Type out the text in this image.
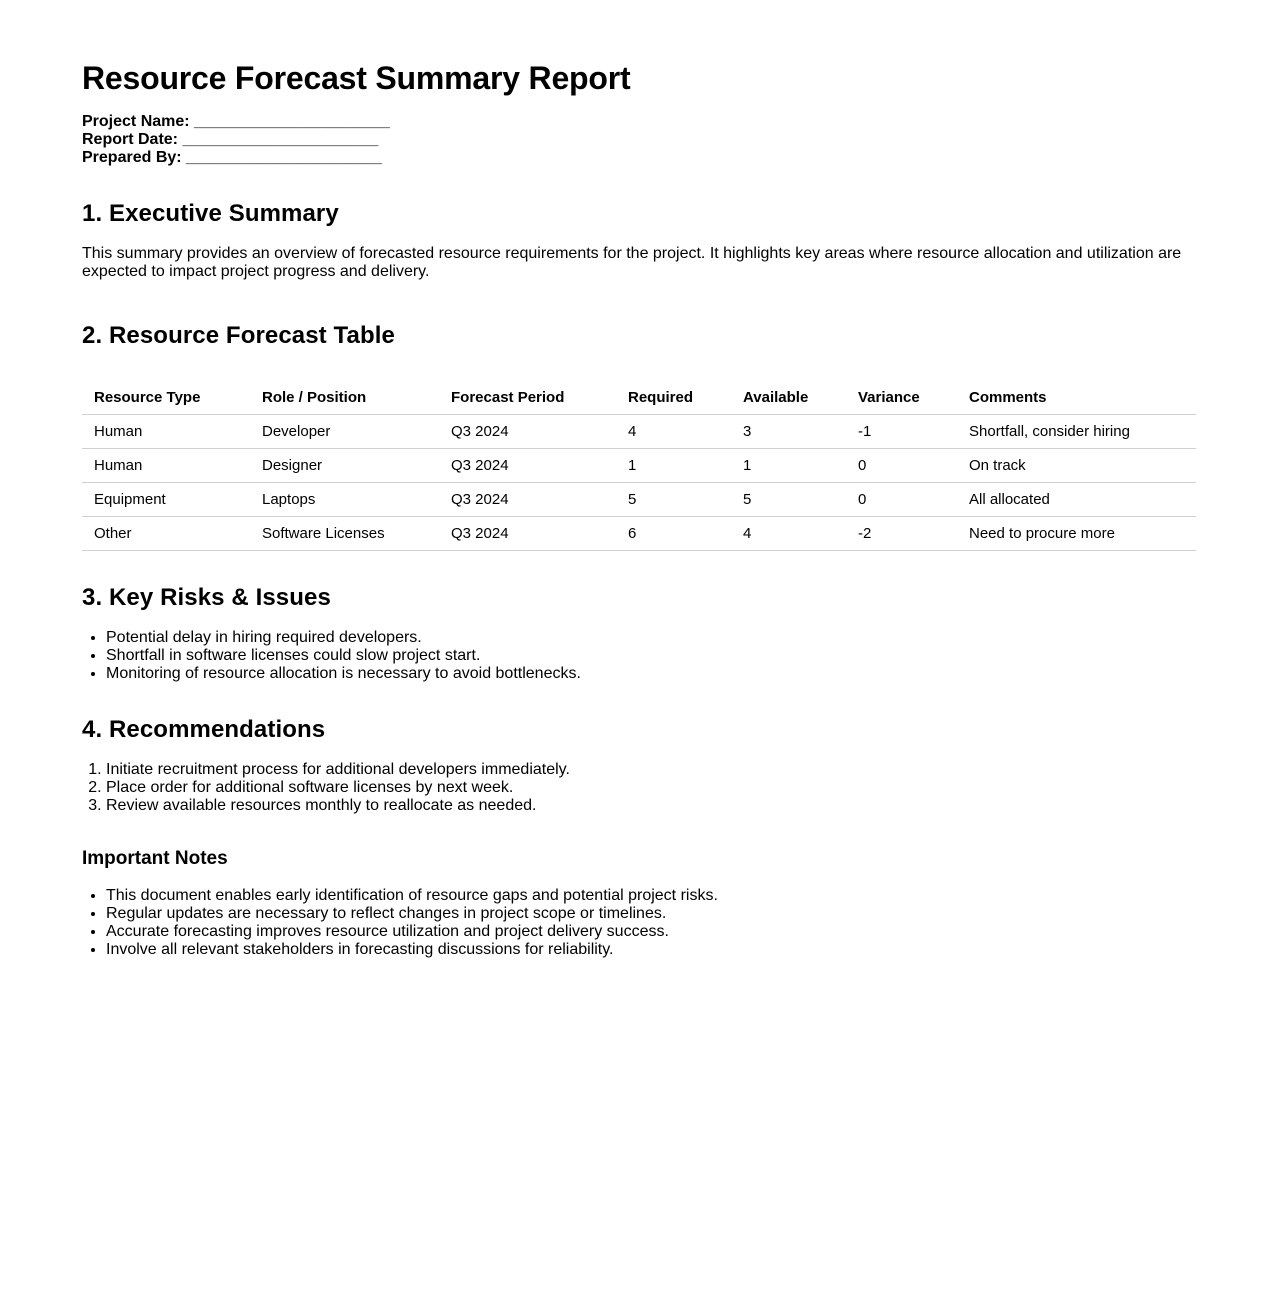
Resource Forecast Summary Report
Project Name: ______________________
Report Date: ______________________
Prepared By: ______________________
1. Executive Summary

This summary provides an overview of forecasted resource requirements for the project. It highlights key areas where resource allocation and utilization are expected to impact project progress and delivery.

2. Resource Forecast Table
Resource Type	Role / Position	Forecast Period	Required	Available	Variance	Comments
Human	Developer	Q3 2024	4	3	-1	Shortfall, consider hiring
Human	Designer	Q3 2024	1	1	0	On track
Equipment	Laptops	Q3 2024	5	5	0	All allocated
Other	Software Licenses	Q3 2024	6	4	-2	Need to procure more
3. Key Risks & Issues
• Potential delay in hiring required developers.
• Shortfall in software licenses could slow project start.
• Monitoring of resource allocation is necessary to avoid bottlenecks.
4. Recommendations
1. Initiate recruitment process for additional developers immediately.
2. Place order for additional software licenses by next week.
3. Review available resources monthly to reallocate as needed.
Important Notes
• This document enables early identification of resource gaps and potential project risks.
• Regular updates are necessary to reflect changes in project scope or timelines.
• Accurate forecasting improves resource utilization and project delivery success.
• Involve all relevant stakeholders in forecasting discussions for reliability.
